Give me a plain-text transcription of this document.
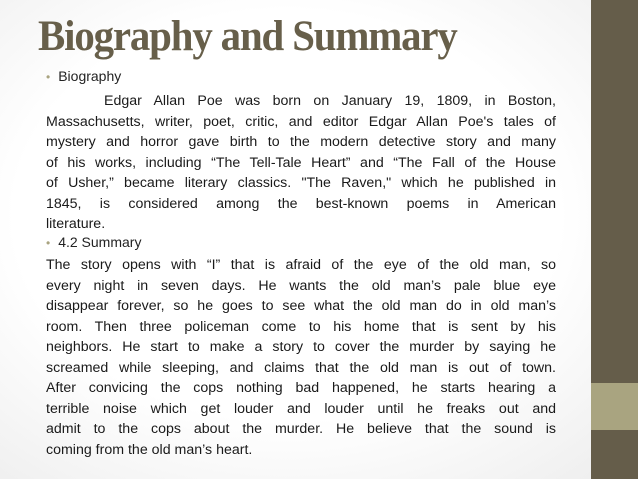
Biography and Summary
• Biography
Edgar Allan Poe was born on January 19, 1809, in Boston,
Massachusetts, writer, poet, critic, and editor Edgar Allan Poe's tales of
mystery and horror gave birth to the modern detective story and many
of his works, including “The Tell-Tale Heart” and “The Fall of the House
of Usher,” became literary classics. "The Raven," which he published in
1845, is considered among the best-known poems in American
literature.
• 4.2 Summary
The story opens with “I” that is afraid of the eye of the old man, so
every night in seven days. He wants the old man’s pale blue eye
disappear forever, so he goes to see what the old man do in old man’s
room. Then three policeman come to his home that is sent by his
neighbors. He start to make a story to cover the murder by saying he
screamed while sleeping, and claims that the old man is out of town.
After convicing the cops nothing bad happened, he starts hearing a
terrible noise which get louder and louder until he freaks out and
admit to the cops about the murder. He believe that the sound is
coming from the old man’s heart.
